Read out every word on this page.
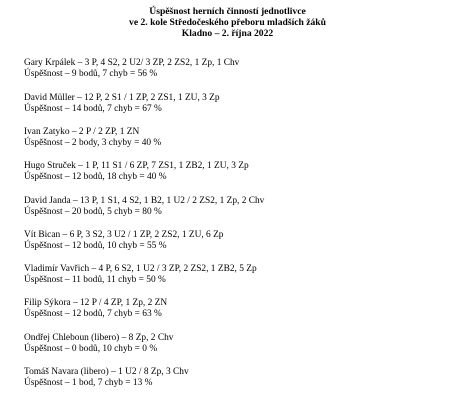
Úspěšnost herních činností jednotlivce
ve 2. kole Středočeského přeboru mladších žáků
Kladno – 2. října 2022
Gary Krpálek – 3 P, 4 S2, 2 U2/ 3 ZP, 2 ZS2, 1 Zp, 1 Chv
Úspěšnost – 9 bodů, 7 chyb = 56 %
David Müller – 12 P, 2 S1 / 1 ZP, 2 ZS1, 1 ZU, 3 Zp
Úspěšnost – 14 bodů, 7 chyb = 67 %
Ivan Zatyko – 2 P / 2 ZP, 1 ZN
Úspěšnost – 2 body, 3 chyby = 40 %
Hugo Struček – 1 P, 11 S1 / 6 ZP, 7 ZS1, 1 ZB2, 1 ZU, 3 Zp
Úspěšnost – 12 bodů, 18 chyb = 40 %
David Janda – 13 P, 1 S1, 4 S2, 1 B2, 1 U2 / 2 ZS2, 1 Zp, 2 Chv
Úspěšnost – 20 bodů, 5 chyb = 80 %
Vít Bican – 6 P, 3 S2, 3 U2 / 1 ZP, 2 ZS2, 1 ZU, 6 Zp
Úspěšnost – 12 bodů, 10 chyb = 55 %
Vladimír Vavřich – 4 P, 6 S2, 1 U2 / 3 ZP, 2 ZS2, 1 ZB2, 5 Zp
Úspěšnost – 11 bodů, 11 chyb = 50 %
Filip Sýkora – 12 P / 4 ZP, 1 Zp, 2 ZN
Úspěšnost – 12 bodů, 7 chyb = 63 %
Ondřej Chleboun (libero) – 8 Zp, 2 Chv
Úspěšnost – 0 bodů, 10 chyb = 0 %
Tomáš Navara (libero) – 1 U2 / 8 Zp, 3 Chv
Úspěšnost – 1 bod, 7 chyb = 13 %
